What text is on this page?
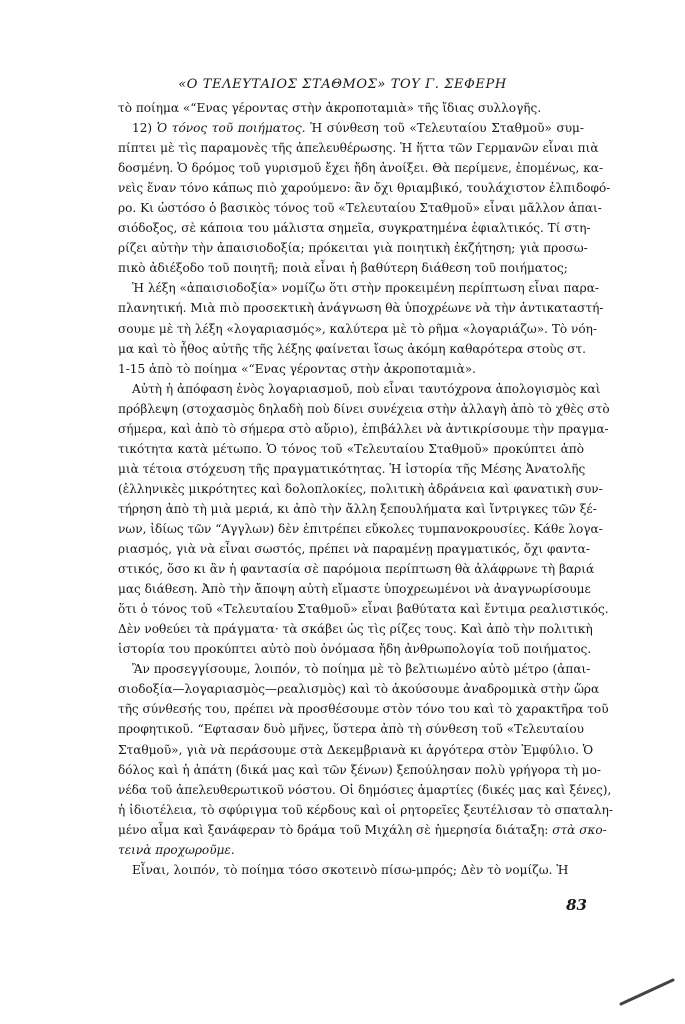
«Ο ΤΕΛΕΥΤΑΙΟΣ ΣΤΑΘΜΟΣ» ΤΟΥ Γ. ΣΕΦΕΡΗ

τὸ ποίημα «“Ενας γέροντας στὴν ἀκροποταμιὰ» τῆς ἴδιας συλλογῆς.

12) Ὁ τόνος τοῦ ποιήματος. Ἡ σύνθεση τοῦ «Τελευταίου Σταθμοῦ» συμ-
πίπτει μὲ τὶς παραμονὲς τῆς ἀπελευθέρωσης. Ἡ ἥττα τῶν Γερμανῶν εἶναι πιὰ
δοσμένη. Ὁ δρόμος τοῦ γυρισμοῦ ἔχει ἤδη ἀνοίξει. Θὰ περίμενε, ἑπομένως, κα-
νεὶς ἕναν τόνο κάπως πιὸ χαρούμενο: ἂν ὄχι θριαμβικό, τουλάχιστον ἐλπιδοφό-
ρο. Κι ὡστόσο ὁ βασικὸς τόνος τοῦ «Τελευταίου Σταθμοῦ» εἶναι μᾶλλον ἀπαι-
σιόδοξος, σὲ κάποια του μάλιστα σημεῖα, συγκρατημένα ἐφιαλτικός. Τί στη-
ρίζει αὐτὴν τὴν ἀπαισιοδοξία; πρόκειται γιὰ ποιητικὴ ἐκζήτηση; γιὰ προσω-
πικὸ ἀδιέξοδο τοῦ ποιητῆ; ποιὰ εἶναι ἡ βαθύτερη διάθεση τοῦ ποιήματος;

Ἡ λέξη «ἀπαισιοδοξία» νομίζω ὅτι στὴν προκειμένη περίπτωση εἶναι παρα-
πλανητική. Μιὰ πιὸ προσεκτικὴ ἀνάγνωση θὰ ὑποχρέωνε νὰ τὴν ἀντικαταστή-
σουμε μὲ τὴ λέξη «λογαριασμός», καλύτερα μὲ τὸ ρῆμα «λογαριάζω». Τὸ νόη-
μα καὶ τὸ ἦθος αὐτῆς τῆς λέξης φαίνεται ἴσως ἀκόμη καθαρότερα στοὺς στ.
1-15 ἀπὸ τὸ ποίημα «“Ενας γέροντας στὴν ἀκροποταμιὰ».

Αὐτὴ ἡ ἀπόφαση ἑνὸς λογαριασμοῦ, ποὺ εἶναι ταυτόχρονα ἀπολογισμὸς καὶ
πρόβλεψη (στοχασμὸς δηλαδὴ ποὺ δίνει συνέχεια στὴν ἀλλαγὴ ἀπὸ τὸ χθὲς στὸ
σήμερα, καὶ ἀπὸ τὸ σήμερα στὸ αὔριο), ἐπιβάλλει νὰ ἀντικρίσουμε τὴν πραγμα-
τικότητα κατὰ μέτωπο. Ὁ τόνος τοῦ «Τελευταίου Σταθμοῦ» προκύπτει ἀπὸ
μιὰ τέτοια στόχευση τῆς πραγματικότητας. Ἡ ἱστορία τῆς Μέσης Ἀνατολῆς
(ἑλληνικὲς μικρότητες καὶ δολοπλοκίες, πολιτικὴ ἀδράνεια καὶ φανατικὴ συν-
τήρηση ἀπὸ τὴ μιὰ μεριά, κι ἀπὸ τὴν ἄλλη ξεπουλήματα καὶ ἴντριγκες τῶν ξέ-
νων, ἰδίως τῶν “Αγγλων) δὲν ἐπιτρέπει εὔκολες τυμπανοκρουσίες. Κάθε λογα-
ριασμός, γιὰ νὰ εἶναι σωστός, πρέπει νὰ παραμένῃ πραγματικός, ὄχι φαντα-
στικός, ὅσο κι ἂν ἡ φαντασία σὲ παρόμοια περίπτωση θὰ ἀλάφρωνε τὴ βαριά
μας διάθεση. Ἀπὸ τὴν ἄποψη αὐτὴ εἴμαστε ὑποχρεωμένοι νὰ ἀναγνωρίσουμε
ὅτι ὁ τόνος τοῦ «Τελευταίου Σταθμοῦ» εἶναι βαθύτατα καὶ ἔντιμα ρεαλιστικός.
Δὲν νοθεύει τὰ πράγματα· τὰ σκάβει ὡς τὶς ρίζες τους. Καὶ ἀπὸ τὴν πολιτικὴ
ἱστορία του προκύπτει αὐτὸ ποὺ ὀνόμασα ἤδη ἀνθρωπολογία τοῦ ποιήματος.

Ἂν προσεγγίσουμε, λοιπόν, τὸ ποίημα μὲ τὸ βελτιωμένο αὐτὸ μέτρο (ἀπαι-
σιοδοξία—λογαριασμὸς—ρεαλισμὸς) καὶ τὸ ἀκούσουμε ἀναδρομικὰ στὴν ὥρα
τῆς σύνθεσής του, πρέπει νὰ προσθέσουμε στὸν τόνο του καὶ τὸ χαρακτῆρα τοῦ
προφητικοῦ. “Εφτασαν δυὸ μῆνες, ὕστερα ἀπὸ τὴ σύνθεση τοῦ «Τελευταίου
Σταθμοῦ», γιὰ νὰ περάσουμε στὰ Δεκεμβριανὰ κι ἀργότερα στὸν Ἐμφύλιο. Ὁ
δόλος καὶ ἡ ἀπάτη (δικά μας καὶ τῶν ξένων) ξεπούλησαν πολὺ γρήγορα τὴ μο-
νέδα τοῦ ἀπελευθερωτικοῦ νόστου. Οἱ δημόσιες ἁμαρτίες (δικές μας καὶ ξένες),
ἡ ἰδιοτέλεια, τὸ σφύριγμα τοῦ κέρδους καὶ οἱ ρητορεῖες ξευτέλισαν τὸ σπαταλη-
μένο αἷμα καὶ ξανάφεραν τὸ δράμα τοῦ Μιχάλη σὲ ἡμερησία διάταξη: στὰ σκο-
τεινὰ προχωροῦμε.

Εἶναι, λοιπόν, τὸ ποίημα τόσο σκοτεινὸ πίσω-μπρός; Δὲν τὸ νομίζω. Ἡ

83
